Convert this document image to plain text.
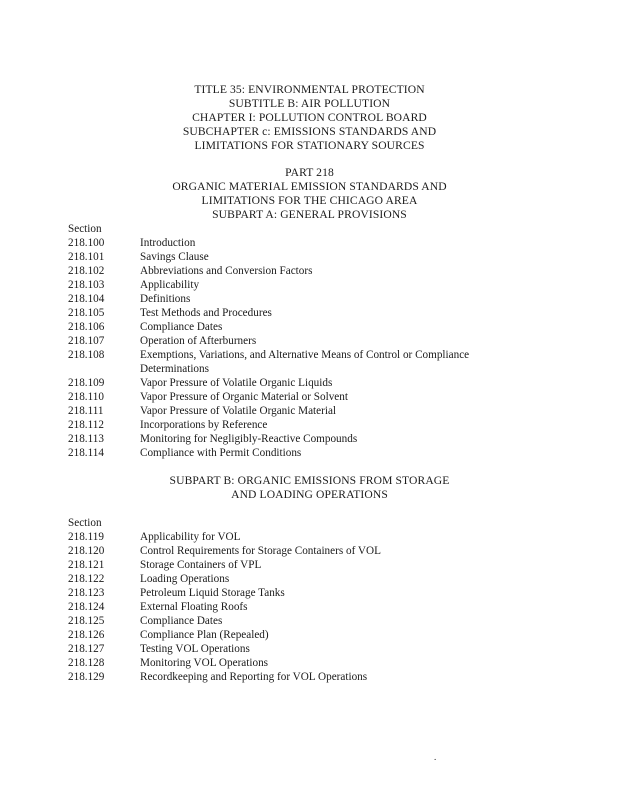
TITLE 35: ENVIRONMENTAL PROTECTION
SUBTITLE B: AIR POLLUTION
CHAPTER I: POLLUTION CONTROL BOARD
SUBCHAPTER c: EMISSIONS STANDARDS AND
LIMITATIONS FOR STATIONARY SOURCES
PART 218
ORGANIC MATERIAL EMISSION STANDARDS AND
LIMITATIONS FOR THE CHICAGO AREA
SUBPART A: GENERAL PROVISIONS
Section
218.100	Introduction
218.101	Savings Clause
218.102	Abbreviations and Conversion Factors
218.103	Applicability
218.104	Definitions
218.105	Test Methods and Procedures
218.106	Compliance Dates
218.107	Operation of Afterburners
218.108	Exemptions, Variations, and Alternative Means of Control or Compliance
Determinations
218.109	Vapor Pressure of Volatile Organic Liquids
218.110	Vapor Pressure of Organic Material or Solvent
218.111	Vapor Pressure of Volatile Organic Material
218.112	Incorporations by Reference
218.113	Monitoring for Negligibly-Reactive Compounds
218.114	Compliance with Permit Conditions
SUBPART B: ORGANIC EMISSIONS FROM STORAGE
AND LOADING OPERATIONS
Section
218.119	Applicability for VOL
218.120	Control Requirements for Storage Containers of VOL
218.121	Storage Containers of VPL
218.122	Loading Operations
218.123	Petroleum Liquid Storage Tanks
218.124	External Floating Roofs
218.125	Compliance Dates
218.126	Compliance Plan (Repealed)
218.127	Testing VOL Operations
218.128	Monitoring VOL Operations
218.129	Recordkeeping and Reporting for VOL Operations
.
